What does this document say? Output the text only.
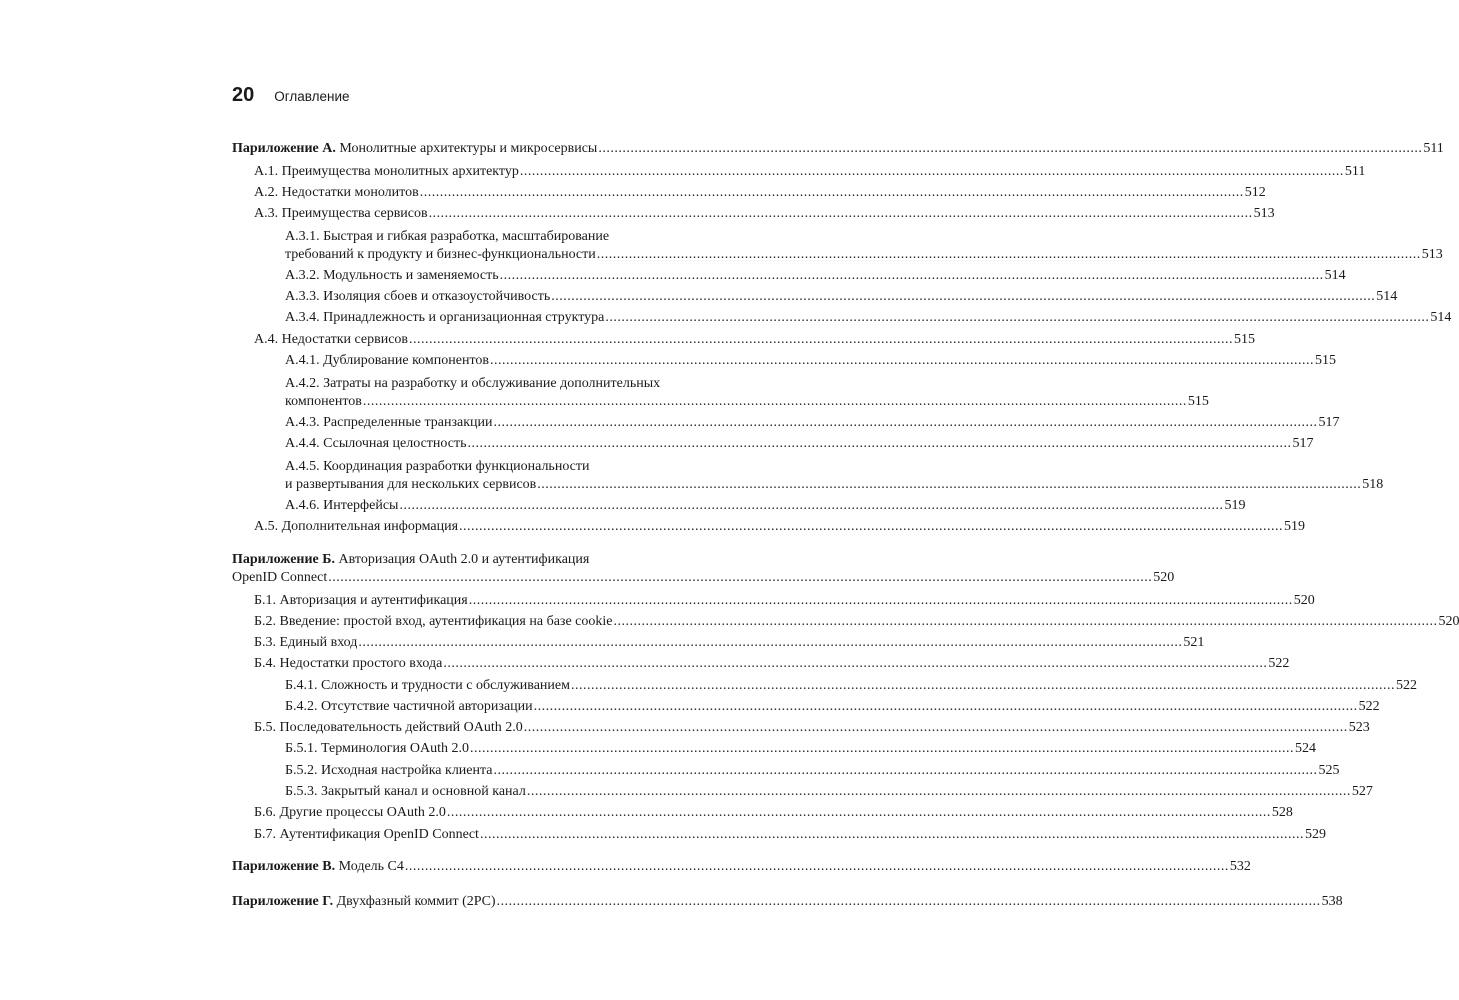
20 Оглавление
Париложение А. Монолитные архитектуры и микросервисы .....	511
А.1. Преимущества монолитных архитектур .....	511
А.2. Недостатки монолитов .....	512
А.3. Преимущества сервисов .....	513
А.3.1. Быстрая и гибкая разработка, масштабирование
требований к продукту и бизнес-функциональности .....	513
А.3.2. Модульность и заменяемость .....	514
А.3.3. Изоляция сбоев и отказоустойчивость .....	514
А.3.4. Принадлежность и организационная структура .....	514
А.4. Недостатки сервисов .....	515
А.4.1. Дублирование компонентов .....	515
А.4.2. Затраты на разработку и обслуживание дополнительных
компонентов .....	515
А.4.3. Распределенные транзакции .....	517
А.4.4. Ссылочная целостность .....	517
А.4.5. Координация разработки функциональности
и развертывания для нескольких сервисов .....	518
А.4.6. Интерфейсы .....	519
А.5. Дополнительная информация .....	519
Париложение Б. Авторизация OAuth 2.0 и аутентификация
OpenID Connect .....	520
Б.1. Авторизация и аутентификация .....	520
Б.2. Введение: простой вход, аутентификация на базе cookie .....	520
Б.3. Единый вход .....	521
Б.4. Недостатки простого входа .....	522
Б.4.1. Сложность и трудности с обслуживанием .....	522
Б.4.2. Отсутствие частичной авторизации .....	522
Б.5. Последовательность действий OAuth 2.0 .....	523
Б.5.1. Терминология OAuth 2.0 .....	524
Б.5.2. Исходная настройка клиента .....	525
Б.5.3. Закрытый канал и основной канал .....	527
Б.6. Другие процессы OAuth 2.0 .....	528
Б.7. Аутентификация OpenID Connect .....	529
Париложение В. Модель C4 .....	532
Париложение Г. Двухфазный коммит (2PC) .....	538
